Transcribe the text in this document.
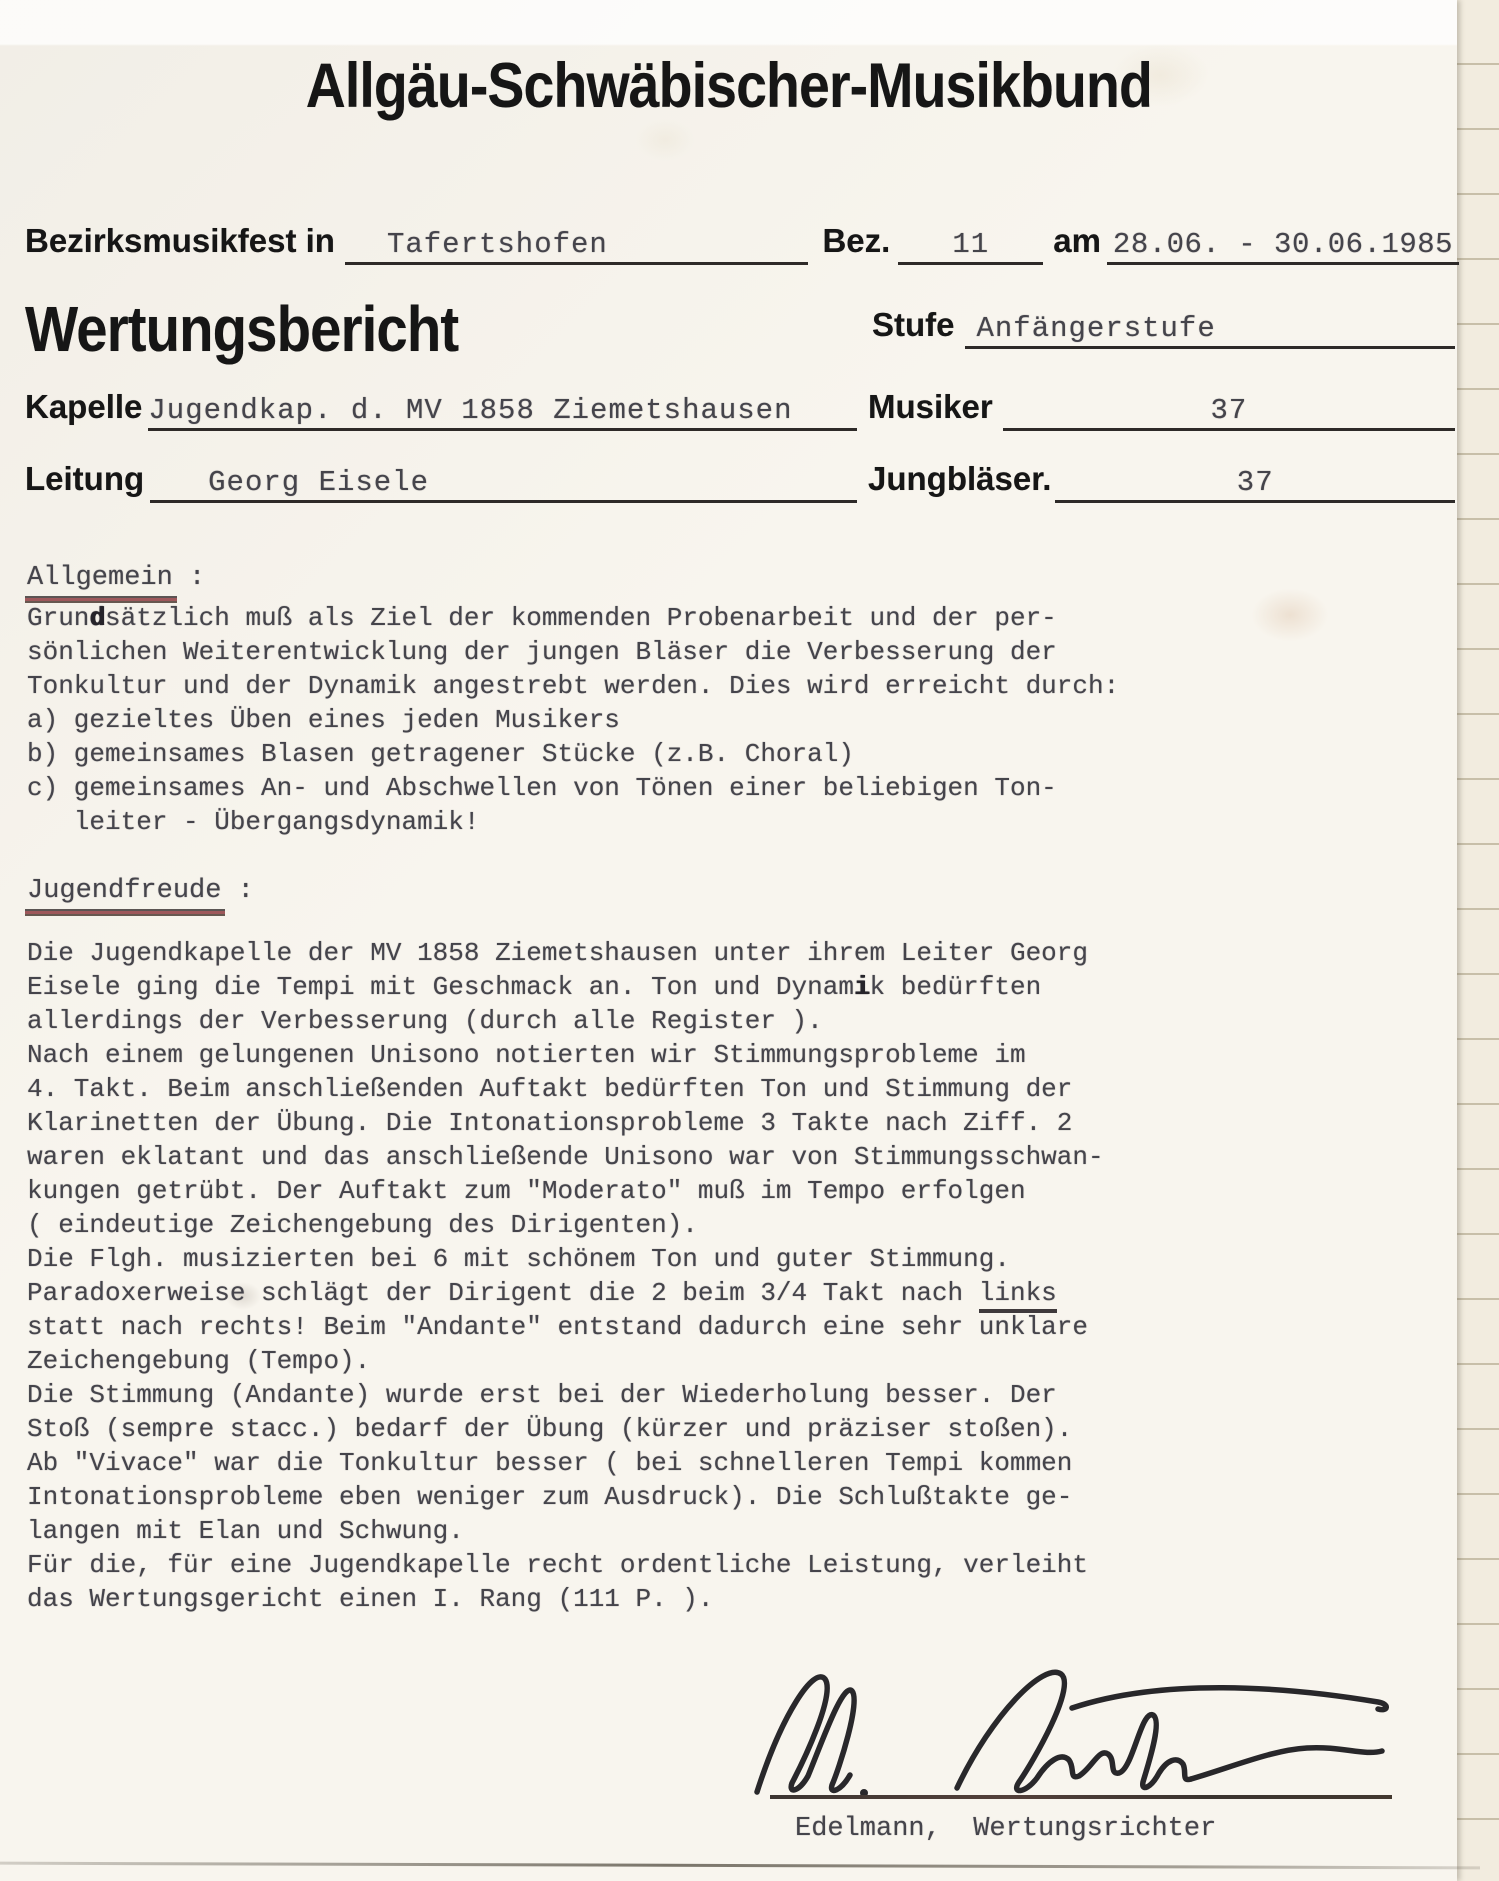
Allgäu-Schwäbischer-Musikbund
Bezirksmusikfest in	Tafertshofen	Bez.	11	am 28.06. - 30.06.1985
Wertungsbericht	Stufe Anfängerstufe
Kapelle Jugendkap. d. MV 1858 Ziemetshausen	Musiker	37
Leitung	Georg Eisele	Jungbläser.	37
Allgemein :
Grundsätzlich muß als Ziel der kommenden Probenarbeit und der per-
sönlichen Weiterentwicklung der jungen Bläser die Verbesserung der
Tonkultur und der Dynamik angestrebt werden. Dies wird erreicht durch:
a) gezieltes Üben eines jeden Musikers
b) gemeinsames Blasen getragener Stücke (z.B. Choral)
c) gemeinsames An- und Abschwellen von Tönen einer beliebigen Ton-
leiter - Übergangsdynamik!
Jugendfreude :
Die Jugendkapelle der MV 1858 Ziemetshausen unter ihrem Leiter Georg
Eisele ging die Tempi mit Geschmack an. Ton und Dynamik bedürften
allerdings der Verbesserung (durch alle Register ).
Nach einem gelungenen Unisono notierten wir Stimmungsprobleme im
4. Takt. Beim anschließenden Auftakt bedürften Ton und Stimmung der
Klarinetten der Übung. Die Intonationsprobleme 3 Takte nach Ziff. 2
waren eklatant und das anschließende Unisono war von Stimmungsschwan-
kungen getrübt. Der Auftakt zum "Moderato" muß im Tempo erfolgen
( eindeutige Zeichengebung des Dirigenten).
Die Flgh. musizierten bei 6 mit schönem Ton und guter Stimmung.
Paradoxerweise schlägt der Dirigent die 2 beim 3/4 Takt nach links
statt nach rechts! Beim "Andante" entstand dadurch eine sehr unklare
Zeichengebung (Tempo).
Die Stimmung (Andante) wurde erst bei der Wiederholung besser. Der
Stoß (sempre stacc.) bedarf der Übung (kürzer und präziser stoßen).
Ab "Vivace" war die Tonkultur besser ( bei schnelleren Tempi kommen
Intonationsprobleme eben weniger zum Ausdruck). Die Schlußtakte ge-
langen mit Elan und Schwung.
Für die, für eine Jugendkapelle recht ordentliche Leistung, verleiht
das Wertungsgericht einen I. Rang (111 P. ).
Edelmann,  Wertungsrichter
